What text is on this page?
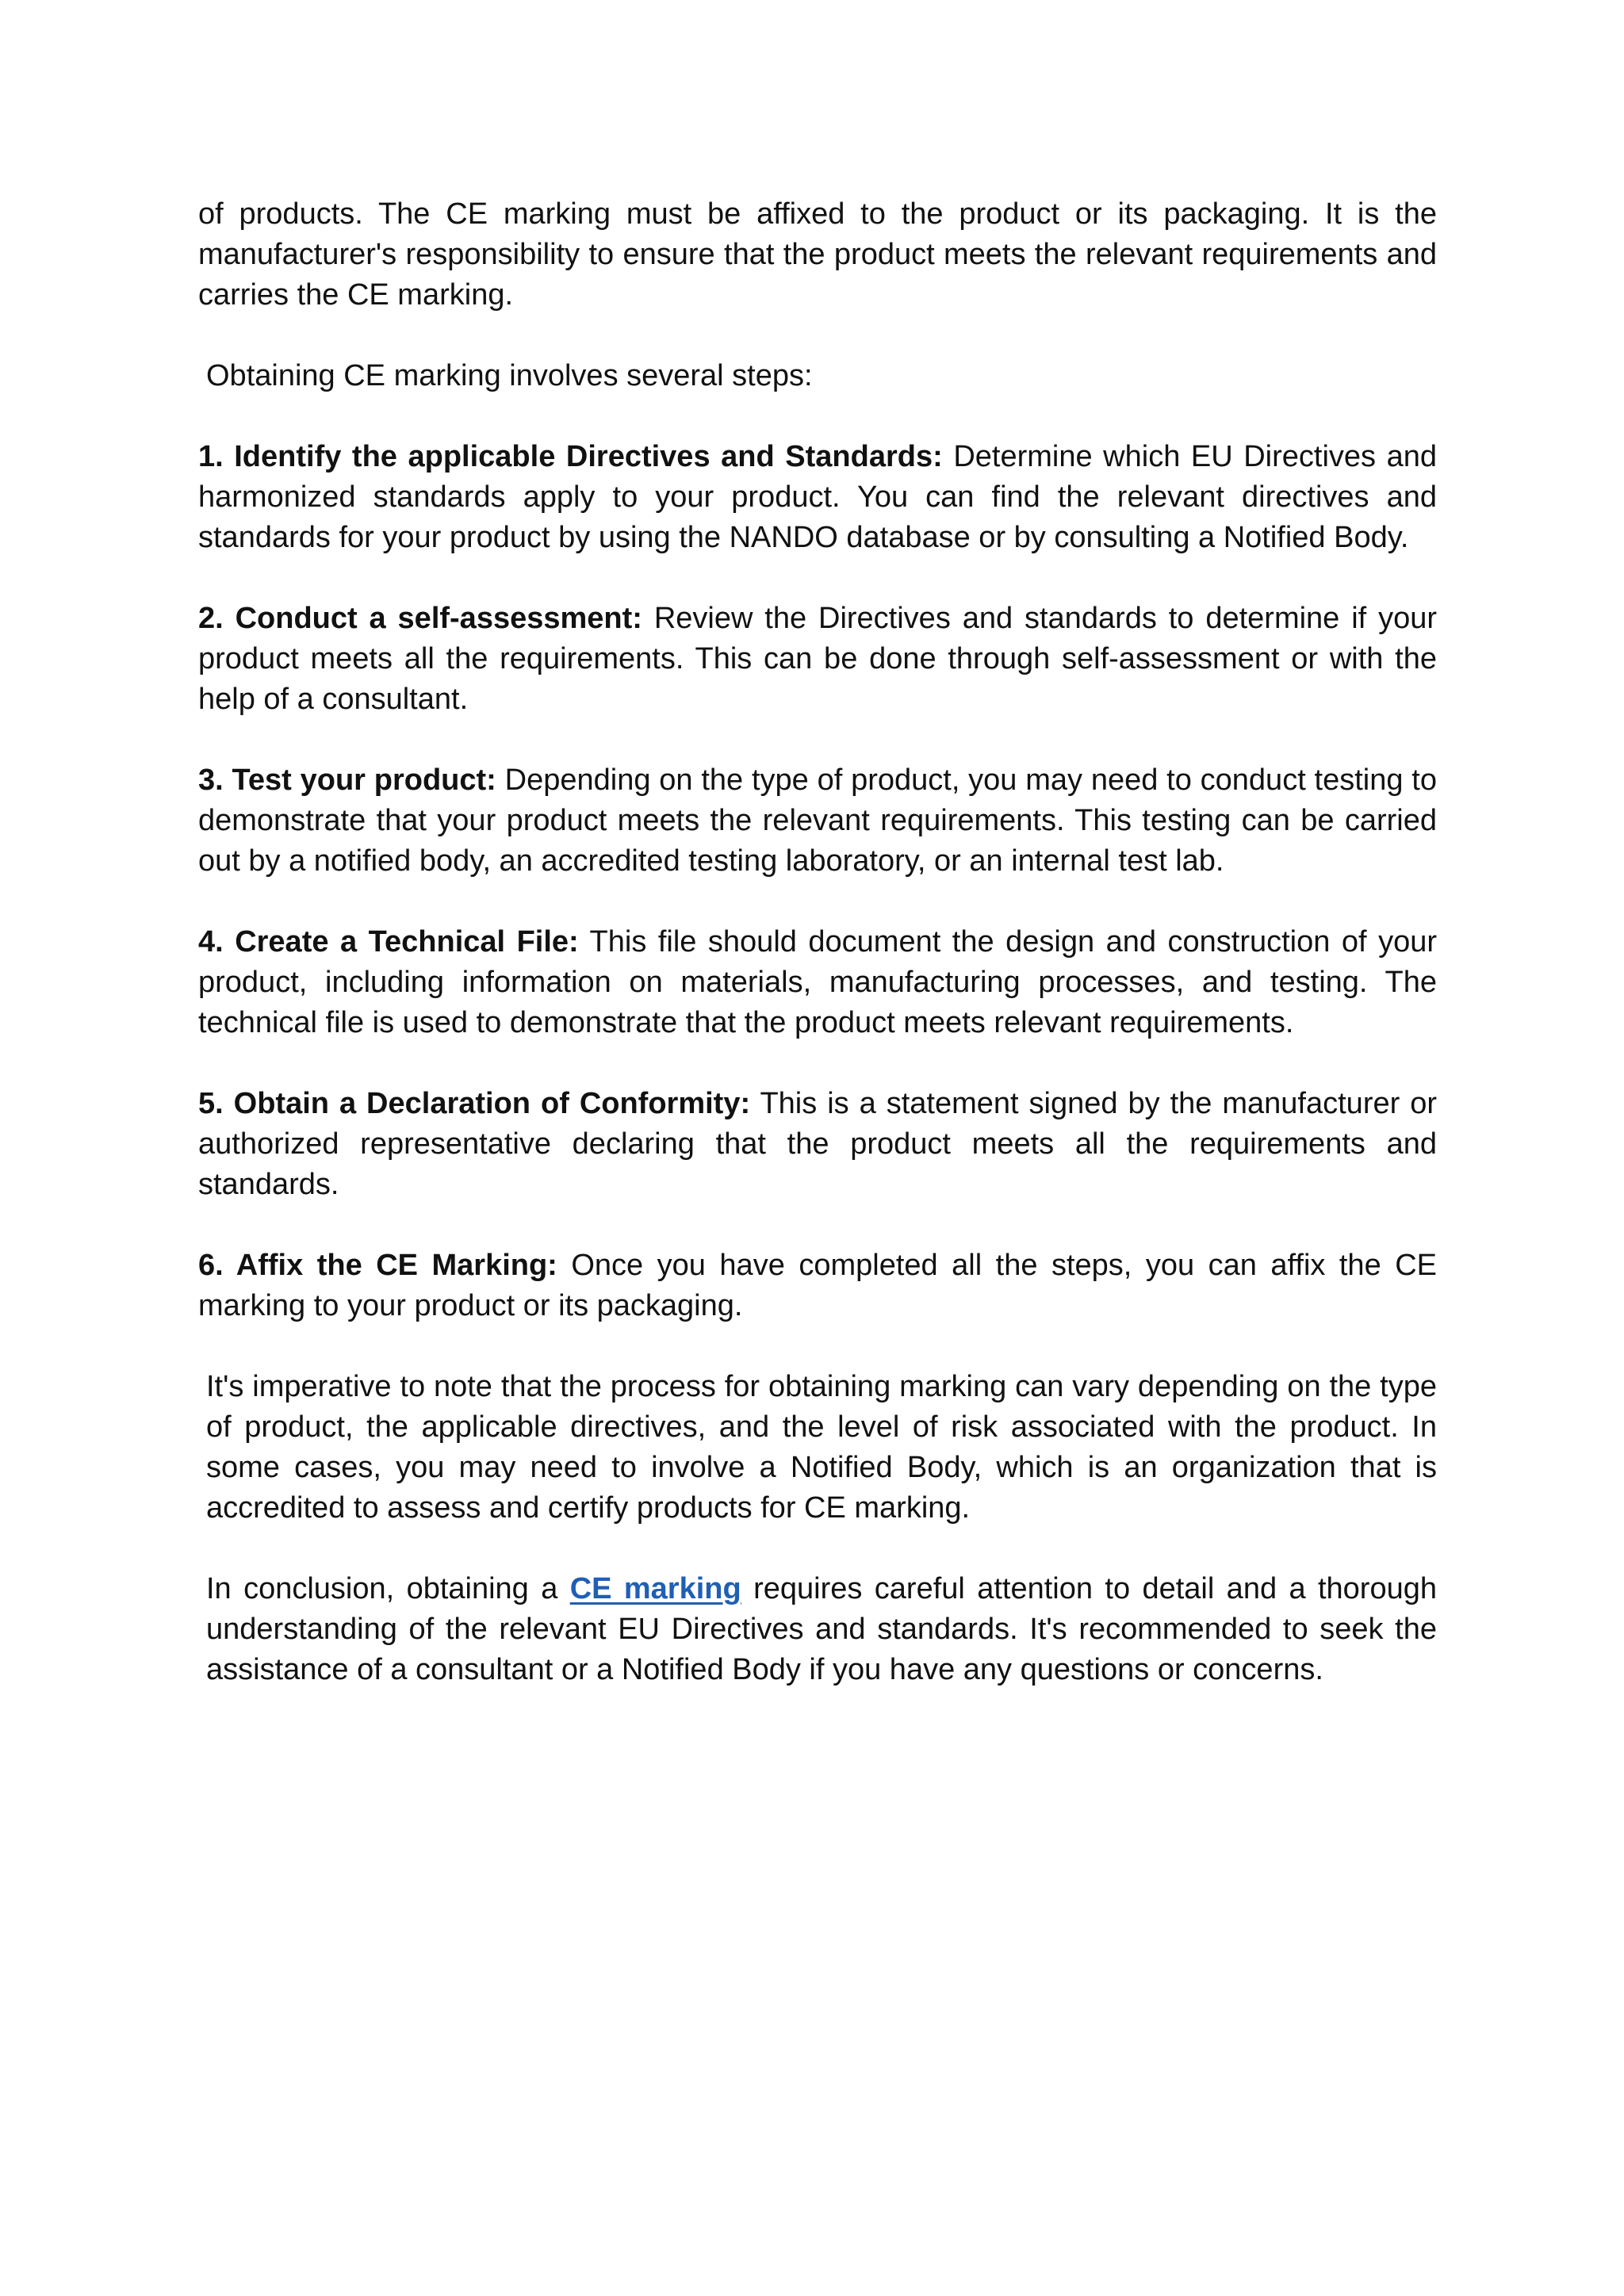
of products. The CE marking must be affixed to the product or its packaging. It is the manufacturer's responsibility to ensure that the product meets the relevant requirements and carries the CE marking.

Obtaining CE marking involves several steps:

1. Identify the applicable Directives and Standards: Determine which EU Directives and harmonized standards apply to your product. You can find the relevant directives and standards for your product by using the NANDO database or by consulting a Notified Body.

2. Conduct a self-assessment: Review the Directives and standards to determine if your product meets all the requirements. This can be done through self-assessment or with the help of a consultant.

3. Test your product: Depending on the type of product, you may need to conduct testing to demonstrate that your product meets the relevant requirements. This testing can be carried out by a notified body, an accredited testing laboratory, or an internal test lab.

4. Create a Technical File: This file should document the design and construction of your product, including information on materials, manufacturing processes, and testing. The technical file is used to demonstrate that the product meets relevant requirements.

5. Obtain a Declaration of Conformity: This is a statement signed by the manufacturer or authorized representative declaring that the product meets all the requirements and standards.

6. Affix the CE Marking: Once you have completed all the steps, you can affix the CE marking to your product or its packaging.

It's imperative to note that the process for obtaining marking can vary depending on the type of product, the applicable directives, and the level of risk associated with the product. In some cases, you may need to involve a Notified Body, which is an organization that is accredited to assess and certify products for CE marking.

In conclusion, obtaining a CE marking requires careful attention to detail and a thorough understanding of the relevant EU Directives and standards. It's recommended to seek the assistance of a consultant or a Notified Body if you have any questions or concerns.
